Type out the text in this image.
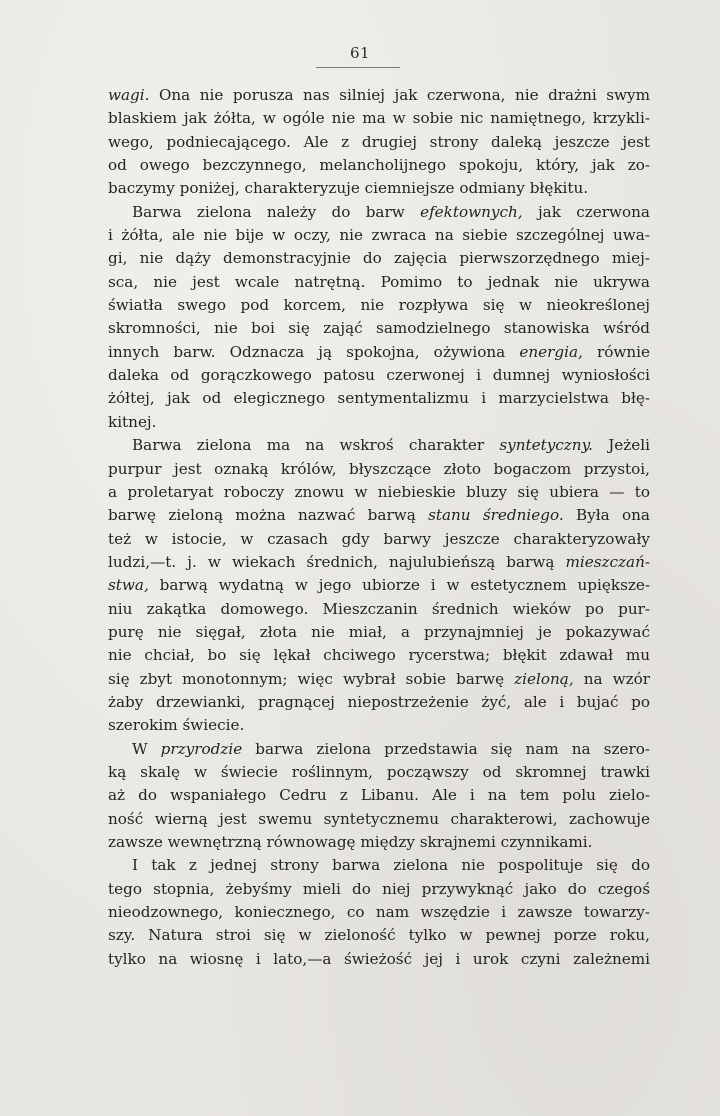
61
wagi. Ona nie porusza nas silniej jak czerwona, nie drażni swym
blaskiem jak żółta, w ogóle nie ma w sobie nic namiętnego, krzykli-
wego, podniecającego. Ale z drugiej strony daleką jeszcze jest
od owego bezczynnego, melancholijnego spokoju, który, jak zo-
baczymy poniżej, charakteryzuje ciemniejsze odmiany błękitu.
Barwa zielona należy do barw efektownych, jak czerwona
i żółta, ale nie bije w oczy, nie zwraca na siebie szczególnej uwa-
gi, nie dąży demonstracyjnie do zajęcia pierwszorzędnego miej-
sca, nie jest wcale natrętną. Pomimo to jednak nie ukrywa
światła swego pod korcem, nie rozpływa się w nieokreślonej
skromności, nie boi się zająć samodzielnego stanowiska wśród
innych barw. Odznacza ją spokojna, ożywiona energia, równie
daleka od gorączkowego patosu czerwonej i dumnej wyniosłości
żółtej, jak od elegicznego sentymentalizmu i marzycielstwa błę-
kitnej.
Barwa zielona ma na wskroś charakter syntetyczny. Jeżeli
purpur jest oznaką królów, błyszczące złoto bogaczom przystoi,
a proletaryat roboczy znowu w niebieskie bluzy się ubiera — to
barwę zieloną można nazwać barwą stanu średniego. Była ona
też w istocie, w czasach gdy barwy jeszcze charakteryzowały
ludzi,—t. j. w wiekach średnich, najulubieńszą barwą mieszczań-
stwa, barwą wydatną w jego ubiorze i w estetycznem upiększe-
niu zakątka domowego. Mieszczanin średnich wieków po pur-
purę nie sięgał, złota nie miał, a przynajmniej je pokazywać
nie chciał, bo się lękał chciwego rycerstwa; błękit zdawał mu
się zbyt monotonnym; więc wybrał sobie barwę zieloną, na wzór
żaby drzewianki, pragnącej niepostrzeżenie żyć, ale i bujać po
szerokim świecie.
W przyrodzie barwa zielona przedstawia się nam na szero-
ką skalę w świecie roślinnym, począwszy od skromnej trawki
aż do wspaniałego Cedru z Libanu. Ale i na tem polu zielo-
ność wierną jest swemu syntetycznemu charakterowi, zachowuje
zawsze wewnętrzną równowagę między skrajnemi czynnikami.
I tak z jednej strony barwa zielona nie pospolituje się do
tego stopnia, żebyśmy mieli do niej przywyknąć jako do czegoś
nieodzownego, koniecznego, co nam wszędzie i zawsze towarzy-
szy. Natura stroi się w zieloność tylko w pewnej porze roku,
tylko na wiosnę i lato,—a świeżość jej i urok czyni zależnemi
